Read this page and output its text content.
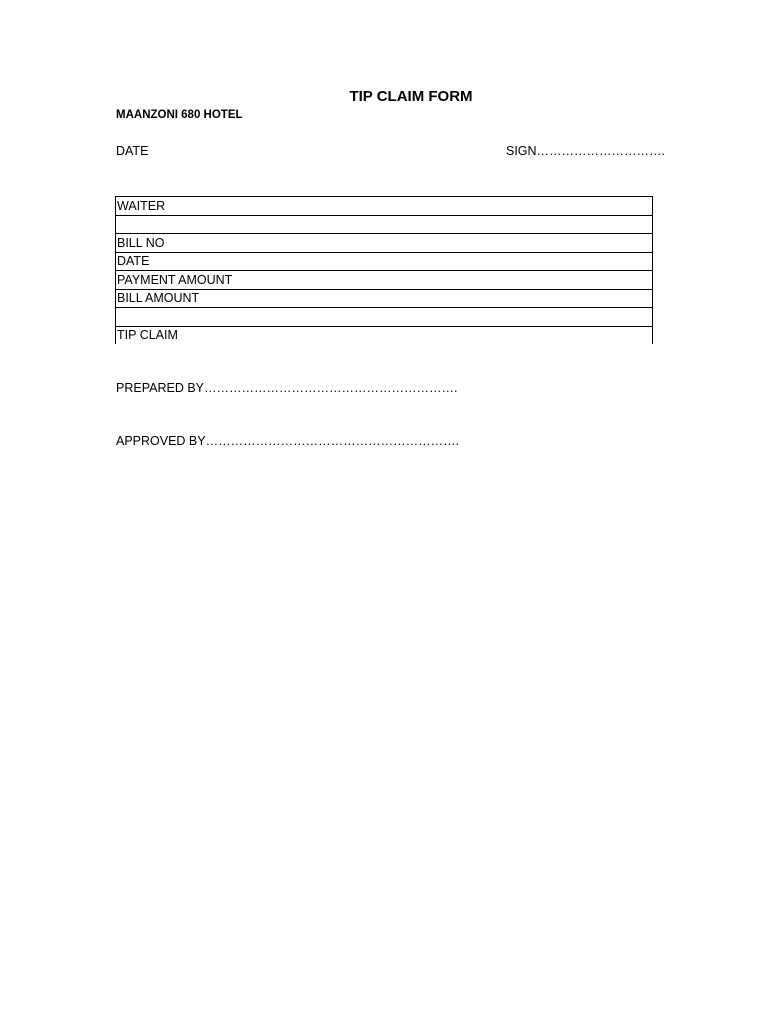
TIP CLAIM FORM
MAANZONI 680 HOTEL
DATE	SIGN………………………….
WAITER

BILL NO
DATE
PAYMENT AMOUNT
BILL AMOUNT

TIP CLAIM
PREPARED BY…………………………………………………….
APPROVED BY…………………………………………………….
